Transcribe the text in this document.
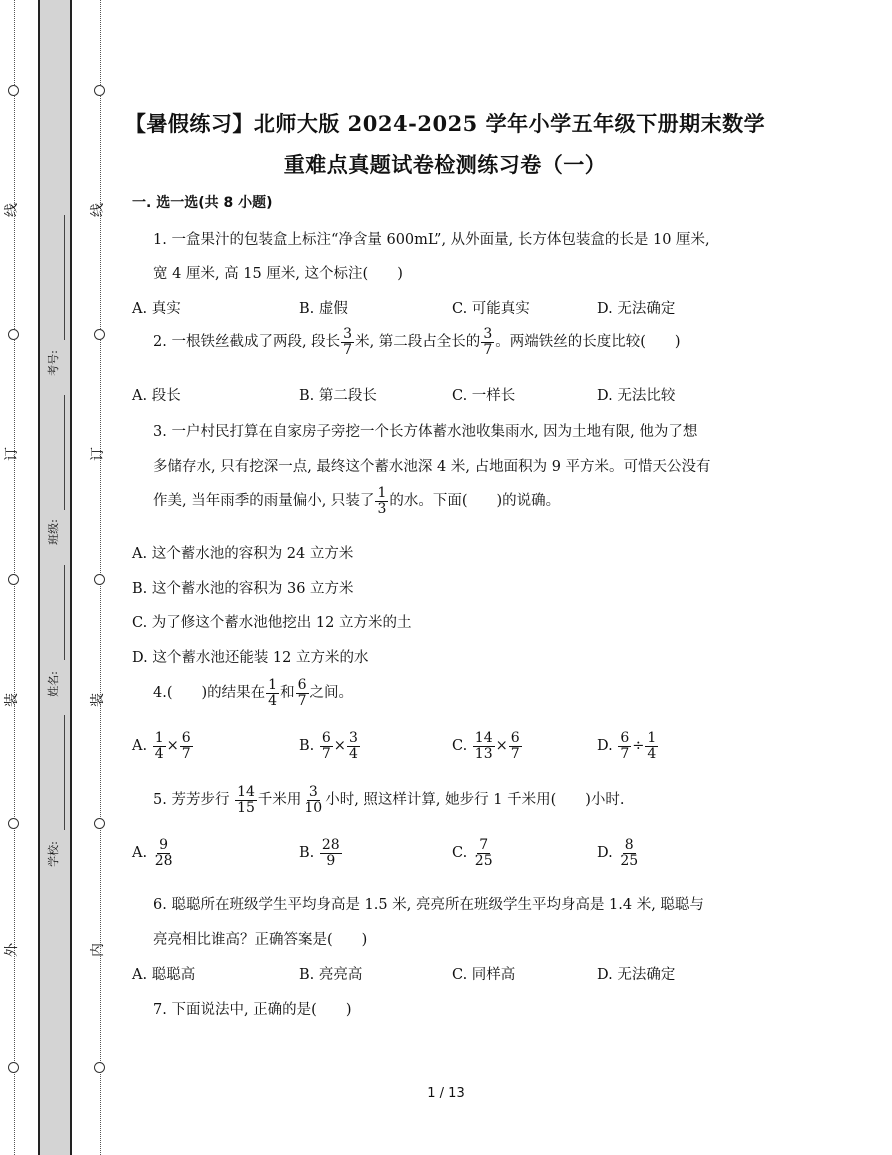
线
订
装
外
线
订
装
内
考号:
班级:
姓名:
学校:
【暑假练习】北师大版 2024-2025 学年小学五年级下册期末数学
重难点真题试卷检测练习卷（一）
一. 选一选(共 8 小题)
1. 一盒果汁的包装盒上标注“净含量 600mL”, 从外面量, 长方体包装盒的长是 10 厘米,
宽 4 厘米, 高 15 厘米, 这个标注(　　)
A. 真实	B. 虚假	C. 可能真实	D. 无法确定
2. 一根铁丝截成了两段, 段长 $\frac{3}{7}$ 米, 第二段占全长的 $\frac{3}{7}$ 。两端铁丝的长度比较(　　)
A. 段长	B. 第二段长	C. 一样长	D. 无法比较
3. 一户村民打算在自家房子旁挖一个长方体蓄水池收集雨水, 因为土地有限, 他为了想
多储存水, 只有挖深一点, 最终这个蓄水池深 4 米, 占地面积为 9 平方米。可惜天公没有
作美, 当年雨季的雨量偏小, 只装了 $\frac{1}{3}$ 的水。下面(　　)的说确。
A. 这个蓄水池的容积为 24 立方米
B. 这个蓄水池的容积为 36 立方米
C. 为了修这个蓄水池他挖出 12 立方米的土
D. 这个蓄水池还能装 12 立方米的水
4.(　　)的结果在 $\frac{1}{4}$ 和 $\frac{6}{7}$ 之间。
A. $\frac{1}{4} \times \frac{6}{7}$	B. $\frac{6}{7} \times \frac{3}{4}$	C. $\frac{14}{13} \times \frac{6}{7}$	D. $\frac{6}{7} \div \frac{1}{4}$
5. 芳芳步行 $\frac{14}{15}$ 千米用 $\frac{3}{10}$ 小时, 照这样计算, 她步行 1 千米用(　　)小时.
A. $\frac{9}{28}$	B. $\frac{28}{9}$	C. $\frac{7}{25}$	D. $\frac{8}{25}$
6. 聪聪所在班级学生平均身高是 1.5 米, 亮亮所在班级学生平均身高是 1.4 米, 聪聪与
亮亮相比谁高？正确答案是(　　)
A. 聪聪高	B. 亮亮高	C. 同样高	D. 无法确定
7. 下面说法中, 正确的是(　　)
1 / 13
